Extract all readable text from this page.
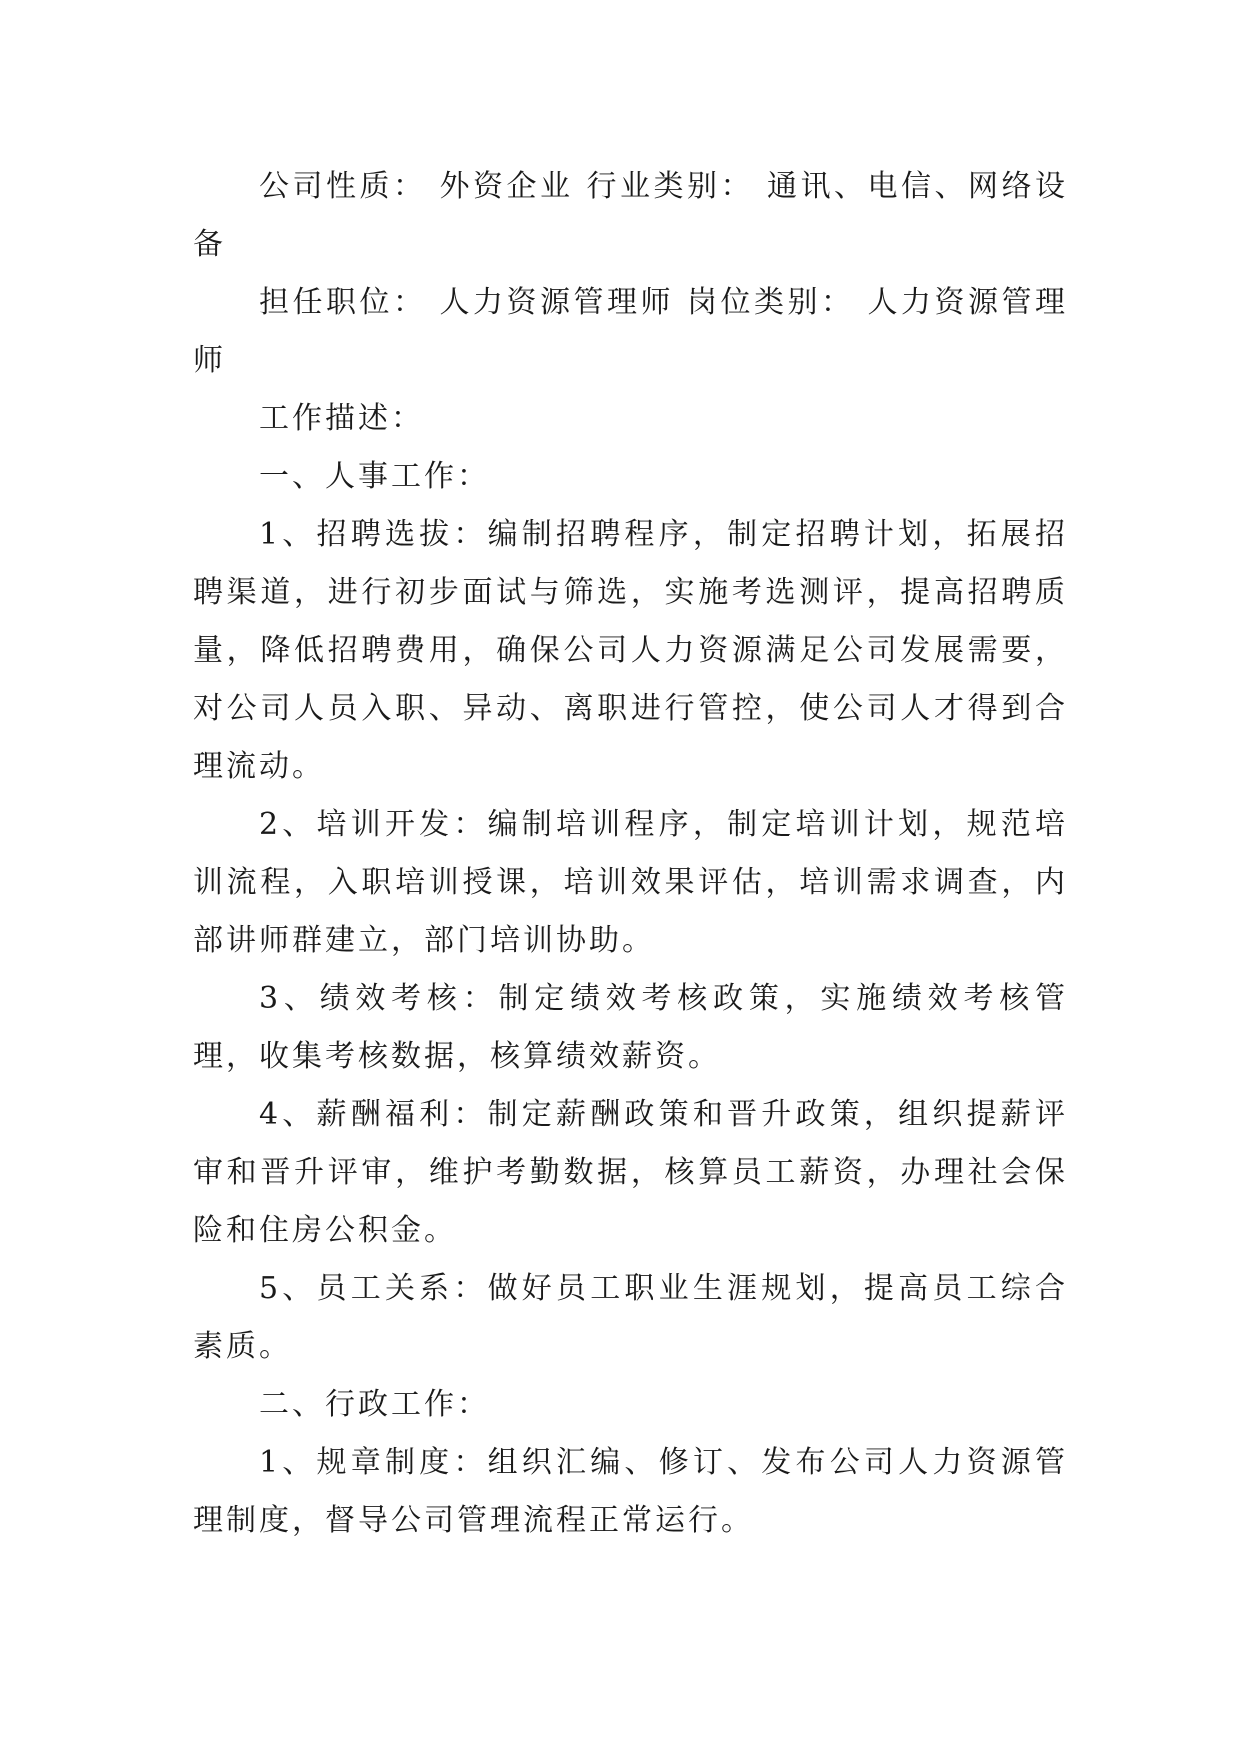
公司性质： 外资企业 行业类别： 通讯、电信、网络设备

担任职位： 人力资源管理师 岗位类别： 人力资源管理师

工作描述：

一、人事工作：

1、招聘选拔：编制招聘程序，制定招聘计划，拓展招聘渠道，进行初步面试与筛选，实施考选测评，提高招聘质量，降低招聘费用，确保公司人力资源满足公司发展需要，对公司人员入职、异动、离职进行管控，使公司人才得到合理流动。

2、培训开发：编制培训程序，制定培训计划，规范培训流程，入职培训授课，培训效果评估，培训需求调查，内部讲师群建立，部门培训协助。

3、绩效考核：制定绩效考核政策，实施绩效考核管理，收集考核数据，核算绩效薪资。

4、薪酬福利：制定薪酬政策和晋升政策，组织提薪评审和晋升评审，维护考勤数据，核算员工薪资，办理社会保险和住房公积金。

5、员工关系：做好员工职业生涯规划，提高员工综合素质。

二、行政工作：

1、规章制度：组织汇编、修订、发布公司人力资源管理制度，督导公司管理流程正常运行。
